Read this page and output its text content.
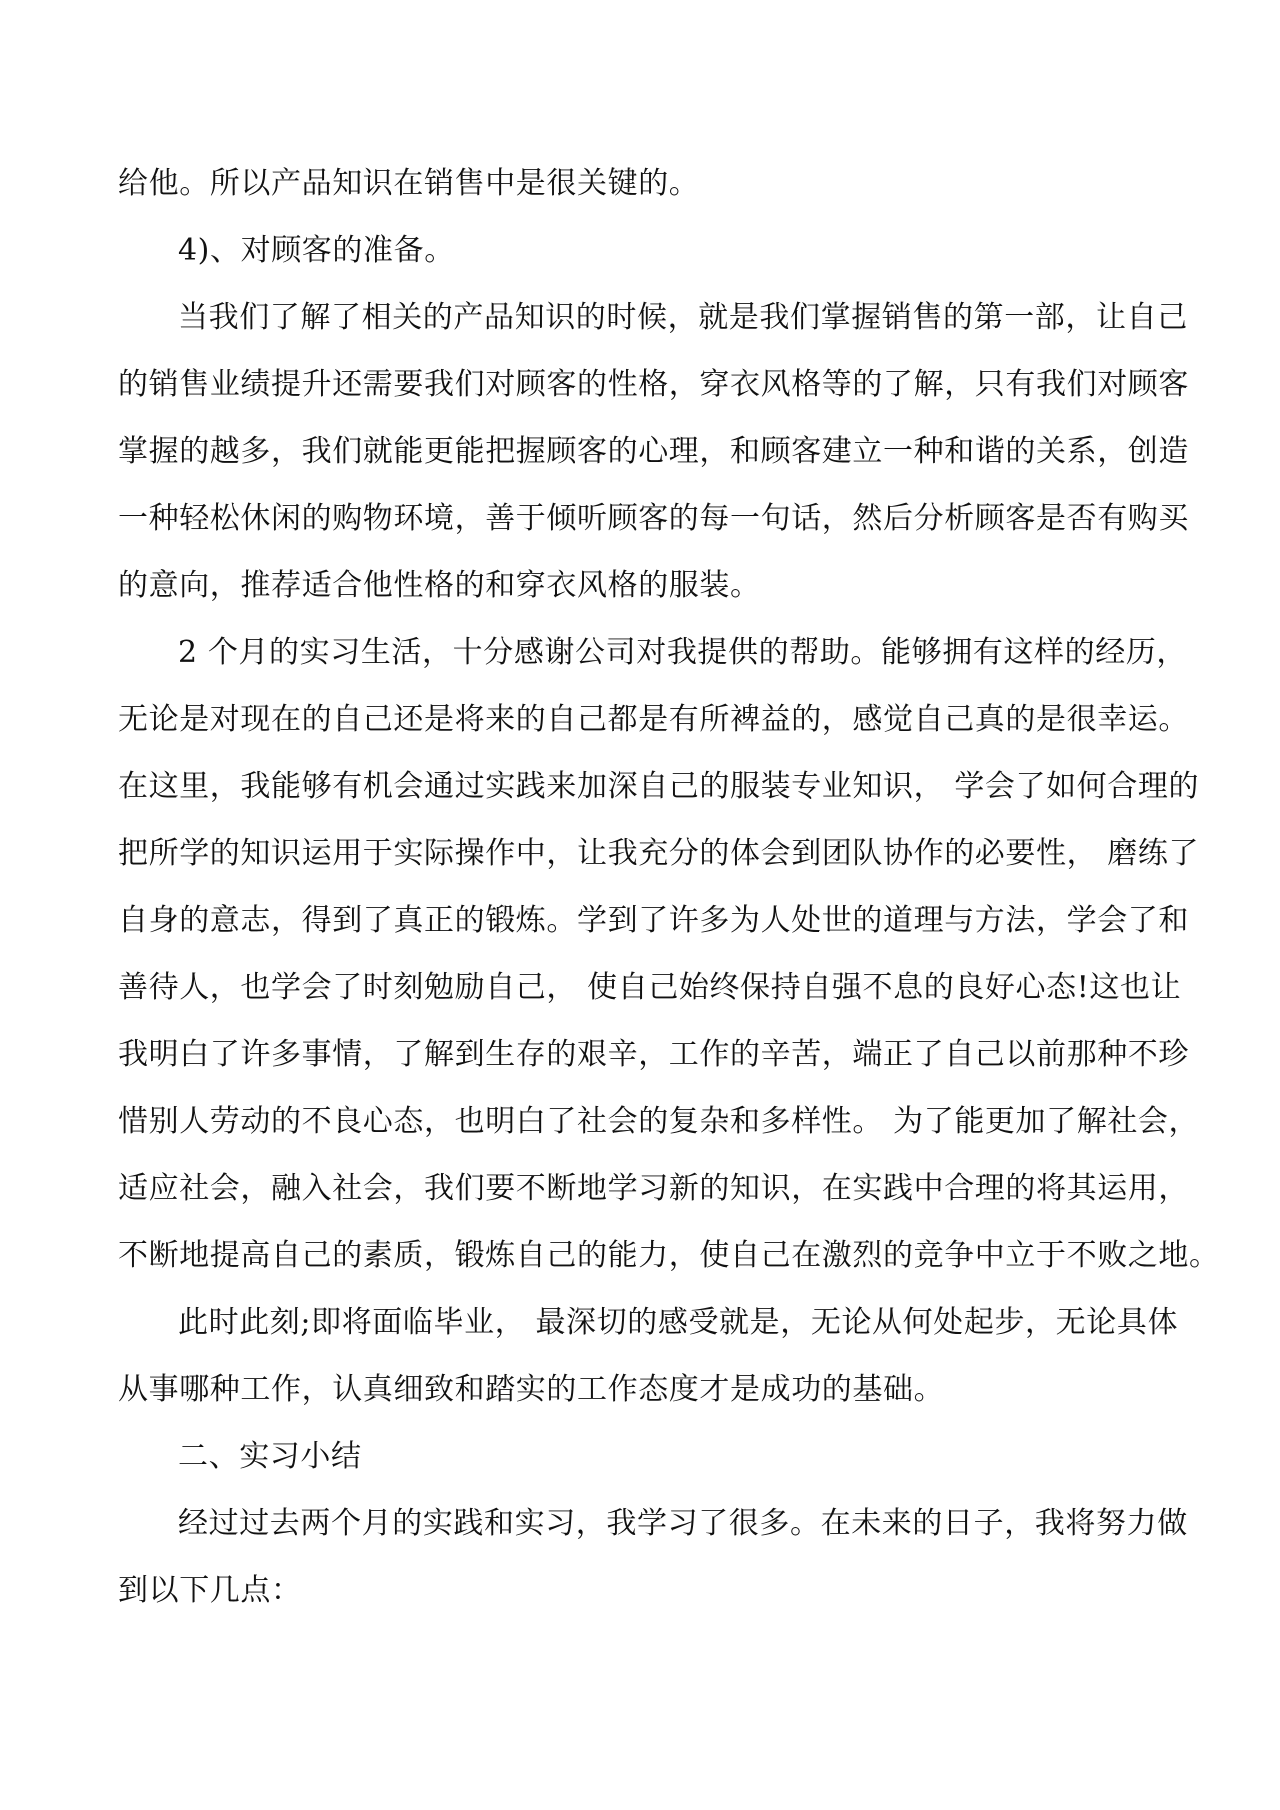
给他。所以产品知识在销售中是很关键的。
4)、对顾客的准备。
当我们了解了相关的产品知识的时候，就是我们掌握销售的第一部，让自己
的销售业绩提升还需要我们对顾客的性格，穿衣风格等的了解，只有我们对顾客
掌握的越多，我们就能更能把握顾客的心理，和顾客建立一种和谐的关系，创造
一种轻松休闲的购物环境，善于倾听顾客的每一句话，然后分析顾客是否有购买
的意向，推荐适合他性格的和穿衣风格的服装。
2 个月的实习生活，十分感谢公司对我提供的帮助。能够拥有这样的经历，
无论是对现在的自己还是将来的自己都是有所裨益的，感觉自己真的是很幸运。
在这里，我能够有机会通过实践来加深自己的服装专业知识， 学会了如何合理的
把所学的知识运用于实际操作中，让我充分的体会到团队协作的必要性， 磨练了
自身的意志，得到了真正的锻炼。学到了许多为人处世的道理与方法，学会了和
善待人，也学会了时刻勉励自己， 使自己始终保持自强不息的良好心态!这也让
我明白了许多事情，了解到生存的艰辛，工作的辛苦，端正了自己以前那种不珍
惜别人劳动的不良心态，也明白了社会的复杂和多样性。 为了能更加了解社会，
适应社会，融入社会，我们要不断地学习新的知识，在实践中合理的将其运用，
不断地提高自己的素质，锻炼自己的能力，使自己在激烈的竞争中立于不败之地。
此时此刻;即将面临毕业， 最深切的感受就是，无论从何处起步，无论具体
从事哪种工作，认真细致和踏实的工作态度才是成功的基础。
二、实习小结
经过过去两个月的实践和实习，我学习了很多。在未来的日子，我将努力做
到以下几点：
